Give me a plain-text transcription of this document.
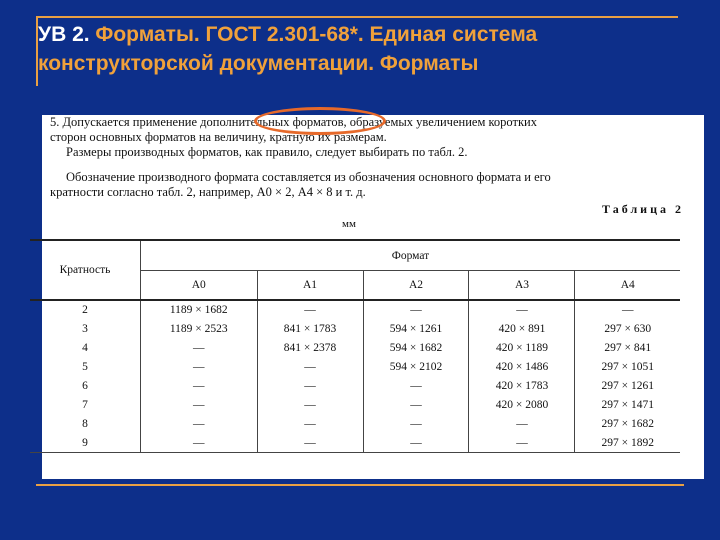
УВ 2. Форматы. ГОСТ 2.301-68*. Единая система конструкторской документации. Форматы
5. Допускается применение дополнительных форматов, образуемых увеличением коротких
сторон основных форматов на величину, кратную их размерам.
Размеры производных форматов, как правило, следует выбирать по табл. 2.
Обозначение производного формата составляется из обозначения основного формата и его
кратности согласно табл. 2, например, А0 × 2, А4 × 8 и т. д.
Таблица 2
мм
Кратность	Формат				
	А0	А1	А2	А3	А4
2	1189 × 1682	—	—	—	—
3	1189 × 2523	841 × 1783	594 × 1261	420 × 891	297 × 630
4	—	841 × 2378	594 × 1682	420 × 1189	297 × 841
5	—	—	594 × 2102	420 × 1486	297 × 1051
6	—	—	—	420 × 1783	297 × 1261
7	—	—	—	420 × 2080	297 × 1471
8	—	—	—	—	297 × 1682
9	—	—	—	—	297 × 1892
